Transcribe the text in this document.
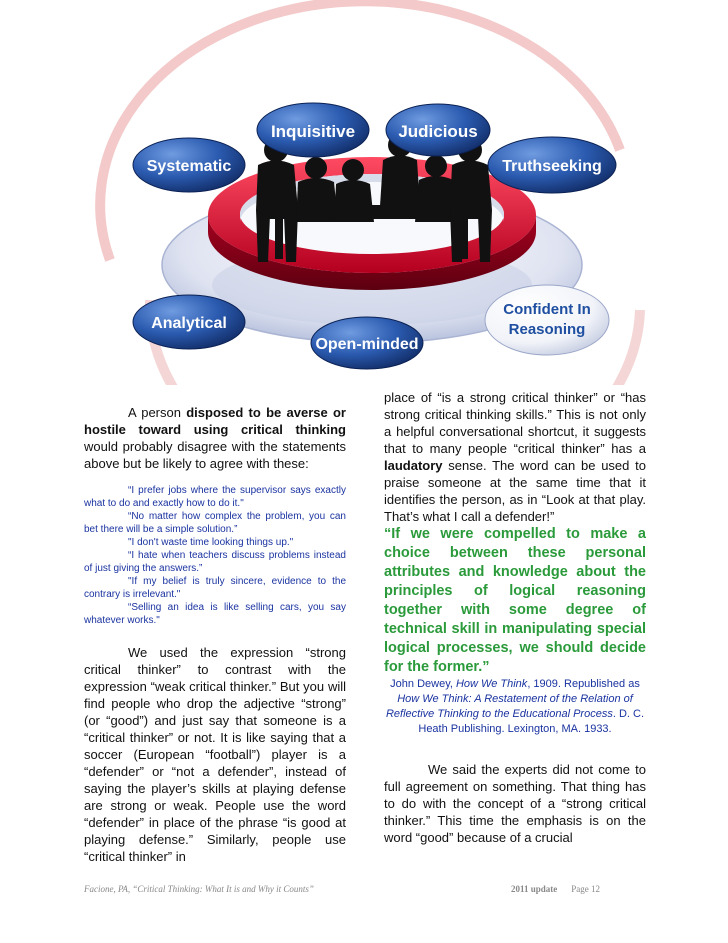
Inquisitive	Judicious
Systematic	Truthseeking
Analytical
Open-minded
Confident In
Reasoning

A person disposed to be averse or hostile toward using critical thinking would probably disagree with the statements above but be likely to agree with these:

“I prefer jobs where the supervisor says exactly what to do and exactly how to do it."

“No matter how complex the problem, you can bet there will be a simple solution.”

"I don't waste time looking things up."

“I hate when teachers discuss problems instead of just giving the answers.”

"If my belief is truly sincere, evidence to the contrary is irrelevant."

“Selling an idea is like selling cars, you say whatever works."

We used the expression “strong critical thinker” to contrast with the expression “weak critical thinker.” But you will find people who drop the adjective “strong” (or “good”) and just say that someone is a “critical thinker” or not. It is like saying that a soccer (European “football”) player is a “defender” or “not a defender”, instead of saying the player’s skills at playing defense are strong or weak. People use the word “defender” in place of the phrase “is good at playing defense.” Similarly, people use “critical thinker” in

place of “is a strong critical thinker” or “has strong critical thinking skills.” This is not only a helpful conversational shortcut, it suggests that to many people “critical thinker” has a laudatory sense. The word can be used to praise someone at the same time that it identifies the person, as in “Look at that play. That’s what I call a defender!”

“If we were compelled to make a choice between these personal attributes and knowledge about the principles of logical reasoning together with some degree of technical skill in manipulating special logical processes, we should decide for the former.”

John Dewey, How We Think, 1909. Republished as How We Think: A Restatement of the Relation of Reflective Thinking to the Educational Process. D. C. Heath Publishing. Lexington, MA. 1933.

We said the experts did not come to full agreement on something. That thing has to do with the concept of a “strong critical thinker.” This time the emphasis is on the word “good” because of a crucial

Facione, PA, “Critical Thinking: What It is and Why it Counts”	2011 update Page 12
